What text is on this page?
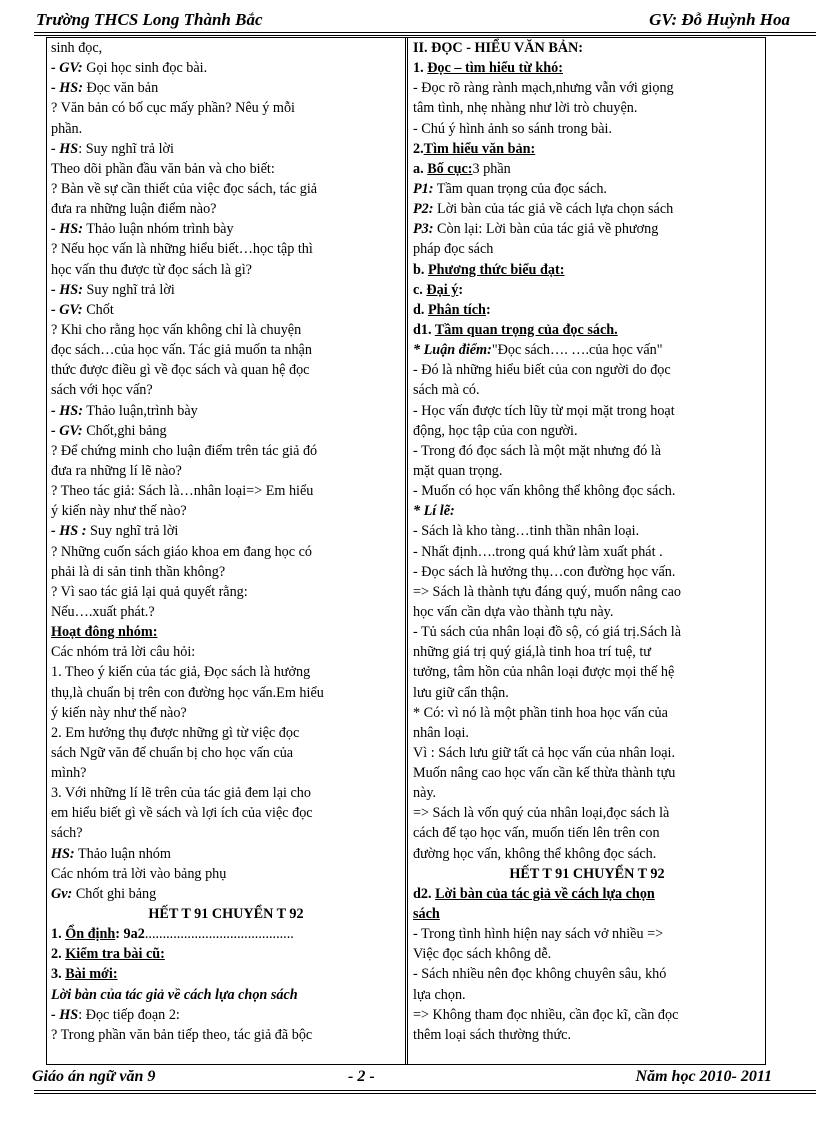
Trường THCS Long Thành Bắc	GV: Đỗ Huỳnh Hoa
sinh đọc,
- GV: Gọi học sinh đọc bài.
- HS: Đọc văn bản
? Văn bản có bố cục mấy phần? Nêu ý mỗi
phần.
- HS: Suy nghĩ trả lời
Theo dõi phần đầu văn bản và cho biết:
? Bàn về sự cần thiết của việc đọc sách, tác giả
đưa ra những luận điểm nào?
- HS: Thảo luận nhóm trình bày
? Nếu học vấn là những hiểu biết…học tập thì
học vấn thu được từ đọc sách là gì?
- HS: Suy nghĩ trả lời
- GV: Chốt
? Khi cho rằng học vấn không chỉ là chuyện
đọc sách…của học vấn. Tác giả muốn ta nhận
thức được điều gì về đọc sách và quan hệ đọc
sách với học vấn?
- HS: Thảo luận,trình bày
- GV: Chốt,ghi bảng
? Để chứng minh cho luận điểm trên tác giả đó
đưa ra những lí lẽ nào?
? Theo tác giả: Sách là…nhân loại=> Em hiểu
ý kiến này như thế nào?
- HS : Suy nghĩ trả lời
? Những cuốn sách giáo khoa em đang học có
phải là di sản tinh thần không?
? Vì sao tác giả lại quả quyết rằng:
Nếu….xuất phát.?
Hoạt đông nhóm:
Các nhóm trả lời câu hỏi:
1. Theo ý kiến của tác giả, Đọc sách là hưởng
thụ,là chuẩn bị trên con đường học vấn.Em hiểu
ý kiến này như thế nào?
2. Em hưởng thụ được những gì từ việc đọc
sách Ngữ văn để chuẩn bị cho học vấn của
mình?
3. Với những lí lẽ trên của tác giả đem lại cho
em hiểu biết gì về sách và lợi ích của việc đọc
sách?
HS: Thảo luận nhóm
Các nhóm trả lời vào bảng phụ
Gv: Chốt ghi bảng
HẾT T 91 CHUYỂN T 92
1. Ổn định: 9a2..........................................
2. Kiểm tra bài cũ:
3. Bài mới:
Lời bàn của tác giả về cách lựa chọn sách
- HS: Đọc tiếp đoạn 2:
? Trong phần văn bản tiếp theo, tác giả đã bộc
II. ĐỌC - HIỂU VĂN BẢN:
1. Đọc – tìm hiểu từ khó:
- Đọc rõ ràng rành mạch,nhưng vẫn với giọng
tâm tình, nhẹ nhàng như lời trò chuyện.
- Chú ý hình ảnh so sánh trong bài.
2.Tìm hiểu văn bản:
a. Bố cục:3 phần
P1: Tầm quan trọng của đọc sách.
P2: Lời bàn của tác giả về cách lựa chọn sách
P3: Còn lại: Lời bàn của tác giả về phương
pháp đọc sách
b. Phương thức biểu đạt:
c. Đại ý:
d. Phân tích:
d1. Tầm quan trọng của đọc sách.
* Luận điểm:"Đọc sách…. ….của học vấn"
- Đó là những hiểu biết của con người do đọc
sách mà có.
- Học vấn được tích lũy từ mọi mặt trong hoạt
động, học tập của con người.
- Trong đó đọc sách là một mặt nhưng đó là
mặt quan trọng.
- Muốn có học vấn không thể không đọc sách.
* Lí lẽ:
- Sách là kho tàng…tinh thần nhân loại.
- Nhất định….trong quá khứ làm xuất phát .
- Đọc sách là hưởng thụ…con đường học vấn.
=> Sách là thành tựu đáng quý, muốn nâng cao
học vấn cần dựa vào thành tựu này.
- Tủ sách của nhân loại đồ sộ, có giá trị.Sách là
những giá trị quý giá,là tinh hoa trí tuệ, tư
tưởng, tâm hồn của nhân loại được mọi thế hệ
lưu giữ cẩn thận.
* Có: vì nó là một phần tinh hoa học vấn của
nhân loại.
Vì : Sách lưu giữ tất cả học vấn của nhân loại.
Muốn nâng cao học vấn cần kế thừa thành tựu
này.
=> Sách là vốn quý của nhân loại,đọc sách là
cách để tạo học vấn, muốn tiến lên trên con
đường học vấn, không thể không đọc sách.
HẾT T 91 CHUYỂN T 92
d2. Lời bàn của tác giả về cách lựa chọn
sách
- Trong tình hình hiện nay sách vở nhiều =>
Việc đọc sách không dễ.
- Sách nhiều nên đọc không chuyên sâu, khó
lựa chọn.
=> Không tham đọc nhiều, cần đọc kĩ, cần đọc
thêm loại sách thường thức.
Giáo án ngữ văn 9	- 2 -	Năm học 2010- 2011
